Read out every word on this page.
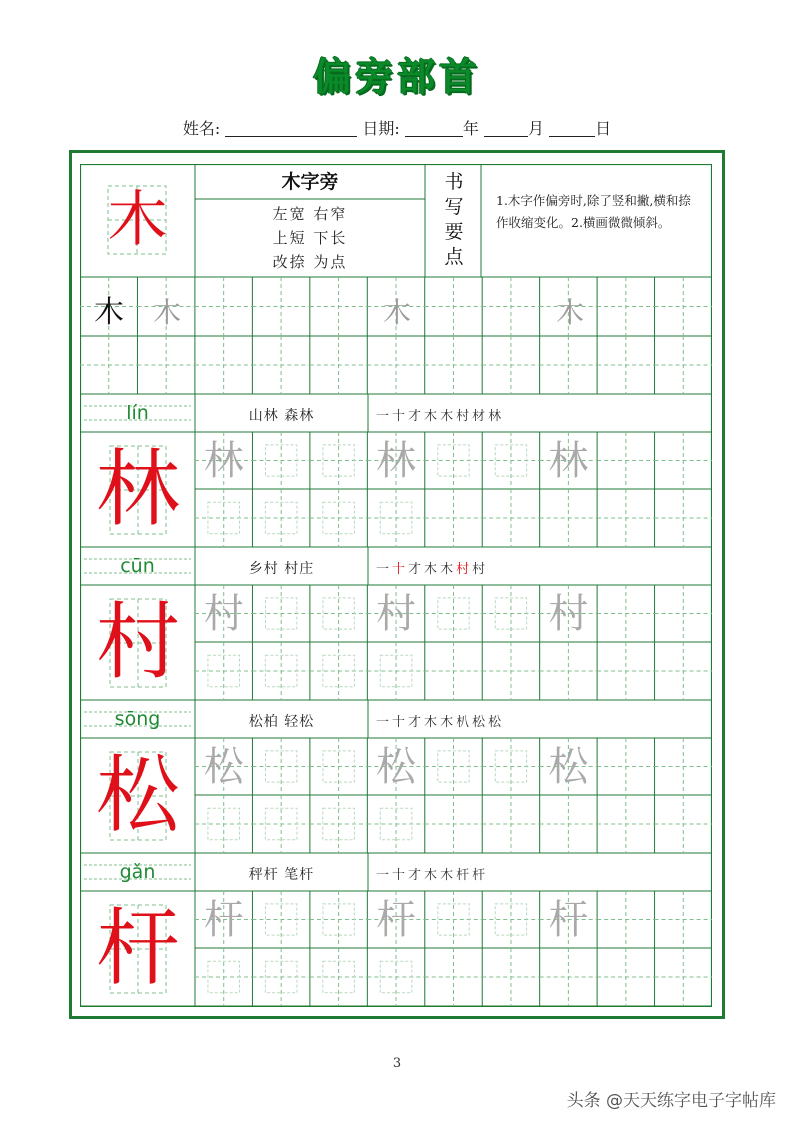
偏旁部首
姓名:	日期:	年	月	日
木
木字旁
左宽 右窄
上短 下长
改捺 为点
书写要点
1.木字作偏旁时,除了竖和撇,横和捺作收缩变化。2.横画微微倾斜。
木 木	木	木
lín
林
山林 森林
林	林	林
一十才木木村材林
cūn
村
乡村 村庄
村	村	村
一十才木木村村
sōng
松
松柏 轻松
松	松	松
一十才木木朳松松
gǎn
杆
秤杆 笔杆
杆	杆	杆
一十才木木杆杆
3
头条 @天天练字电子字帖库
